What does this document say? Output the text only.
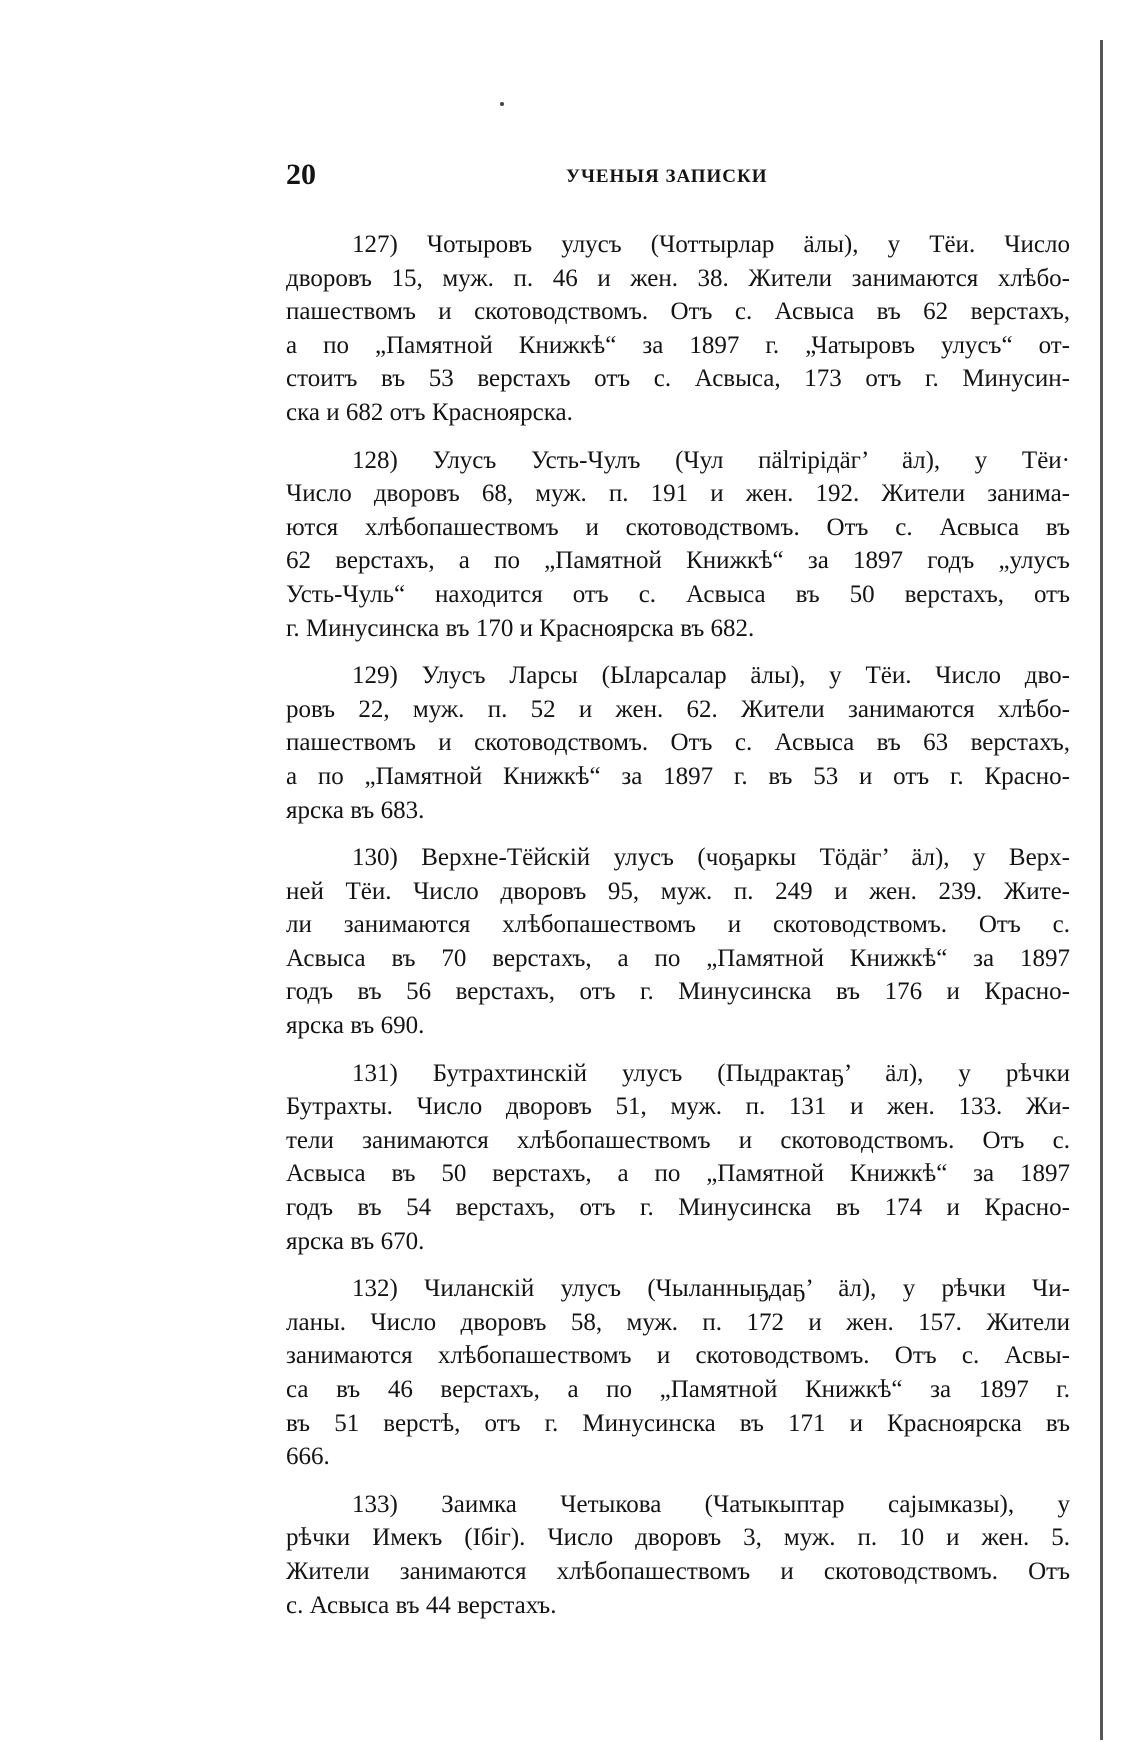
20	УЧЕНЫЯ ЗАПИСКИ
127) Чотыровъ улусъ (Чоттырлар ӓлы), у Тёи. Число
дворовъ 15, муж. п. 46 и жен. 38. Жители занимаются хлѣбо-
пашествомъ и скотоводствомъ. Отъ с. Асвыса въ 62 верстахъ,
а по „Памятной Книжкѣ“ за 1897 г. „Чатыровъ улусъ“ от-
стоитъ въ 53 верстахъ отъ с. Асвыса, 173 отъ г. Минусин-
ска и 682 отъ Красноярска.
128) Улусъ Усть-Чулъ (Чул пӓlтірідӓг’ ӓл), у Тёи·
Число дворовъ 68, муж. п. 191 и жен. 192. Жители занима-
ются хлѣбопашествомъ и скотоводствомъ. Отъ с. Асвыса въ
62 верстахъ, а по „Памятной Книжкѣ“ за 1897 годъ „улусъ
Усть-Чуль“ находится отъ с. Асвыса въ 50 верстахъ, отъ
г. Минусинска въ 170 и Красноярска въ 682.
129) Улусъ Ларсы (Ыларсалар ӓлы), у Тёи. Число дво-
ровъ 22, муж. п. 52 и жен. 62. Жители занимаются хлѣбо-
пашествомъ и скотоводствомъ. Отъ с. Асвыса въ 63 верстахъ,
а по „Памятной Книжкѣ“ за 1897 г. въ 53 и отъ г. Красно-
ярска въ 683.
130) Верхне-Тёйскій улусъ (чоҕаркы Тӧдӓг’ ӓл), у Верх-
ней Тёи. Число дворовъ 95, муж. п. 249 и жен. 239. Жите-
ли занимаются хлѣбопашествомъ и скотоводствомъ. Отъ с.
Асвыса въ 70 верстахъ, а по „Памятной Книжкѣ“ за 1897
годъ въ 56 верстахъ, отъ г. Минусинска въ 176 и Красно-
ярска въ 690.
131) Бутрахтинскій улусъ (Пыдрактаҕ’ ӓл), у рѣчки
Бутрахты. Число дворовъ 51, муж. п. 131 и жен. 133. Жи-
тели занимаются хлѣбопашествомъ и скотоводствомъ. Отъ с.
Асвыса въ 50 верстахъ, а по „Памятной Книжкѣ“ за 1897
годъ въ 54 верстахъ, отъ г. Минусинска въ 174 и Красно-
ярска въ 670.
132) Чиланскій улусъ (Чыланныҕдаҕ’ ӓл), у рѣчки Чи-
ланы. Число дворовъ 58, муж. п. 172 и жен. 157. Жители
занимаются хлѣбопашествомъ и скотоводствомъ. Отъ с. Асвы-
са въ 46 верстахъ, а по „Памятной Книжкѣ“ за 1897 г.
въ 51 верстѣ, отъ г. Минусинска въ 171 и Красноярска въ
666.
133) Заимка Четыкова (Чатыкыптар сајымказы), у
рѣчки Имекъ (Ібіг). Число дворовъ 3, муж. п. 10 и жен. 5.
Жители занимаются хлѣбопашествомъ и скотоводствомъ. Отъ
с. Асвыса въ 44 верстахъ.
